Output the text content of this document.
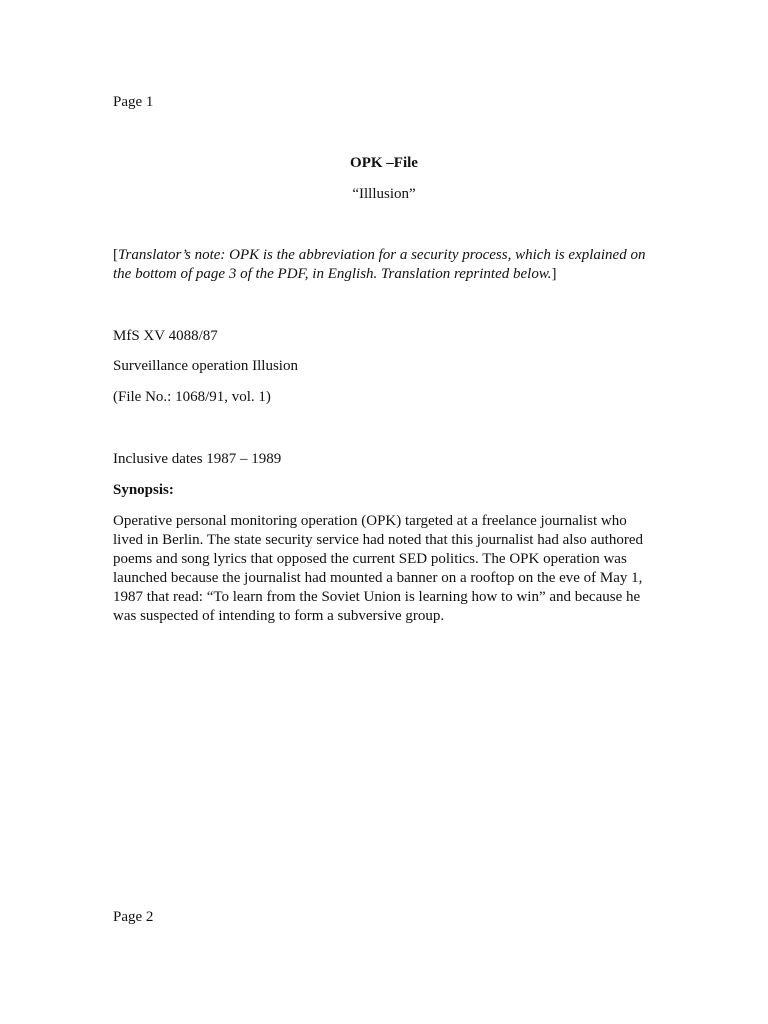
Page 1

OPK –File

“Illlusion”

[Translator’s note: OPK is the abbreviation for a security process, which is explained on
the bottom of page 3 of the PDF, in English. Translation reprinted below.]

MfS XV 4088/87

Surveillance operation Illusion

(File No.: 1068/91, vol. 1)

Inclusive dates 1987 – 1989

Synopsis:

Operative personal monitoring operation (OPK) targeted at a freelance journalist who
lived in Berlin. The state security service had noted that this journalist had also authored
poems and song lyrics that opposed the current SED politics. The OPK operation was
launched because the journalist had mounted a banner on a rooftop on the eve of May 1,
1987 that read: “To learn from the Soviet Union is learning how to win” and because he
was suspected of intending to form a subversive group.

Page 2
